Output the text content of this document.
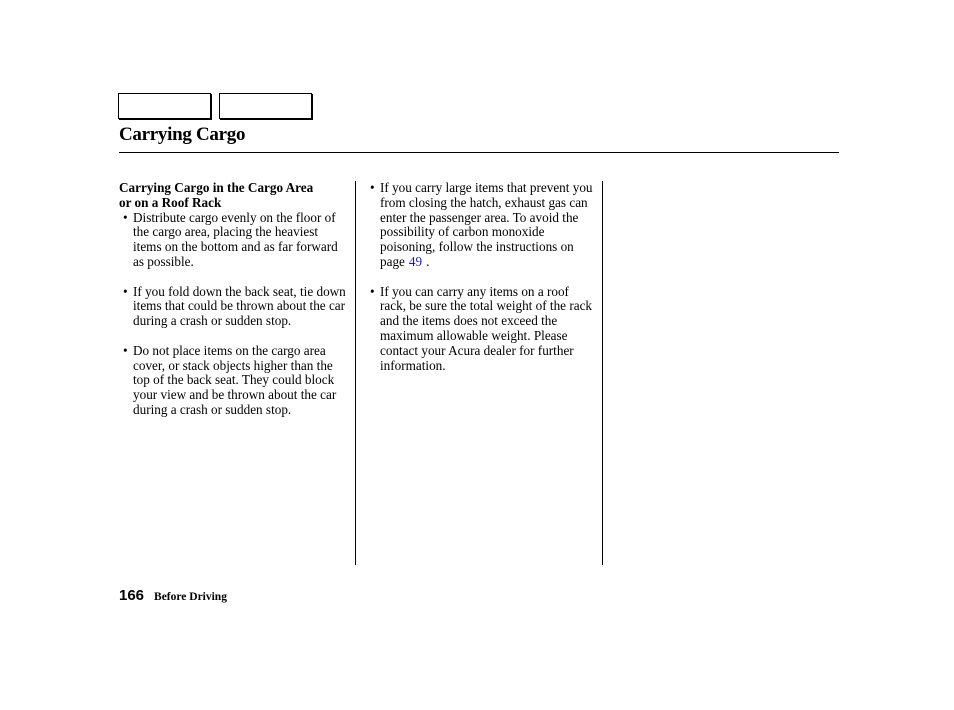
Carrying Cargo
Carrying Cargo in the Cargo Area
or on a Roof Rack
• Distribute cargo evenly on the floor of the cargo area, placing the heaviest items on the bottom and as far forward as possible.
• If you fold down the back seat, tie down items that could be thrown about the car during a crash or sudden stop.
• Do not place items on the cargo area cover, or stack objects higher than the top of the back seat. They could block your view and be thrown about the car during a crash or sudden stop.
• If you carry large items that prevent you from closing the hatch, exhaust gas can enter the passenger area. To avoid the possibility of carbon monoxide poisoning, follow the instructions on page 49 .
• If you can carry any items on a roof rack, be sure the total weight of the rack and the items does not exceed the maximum allowable weight. Please contact your Acura dealer for further information.
166 Before Driving
